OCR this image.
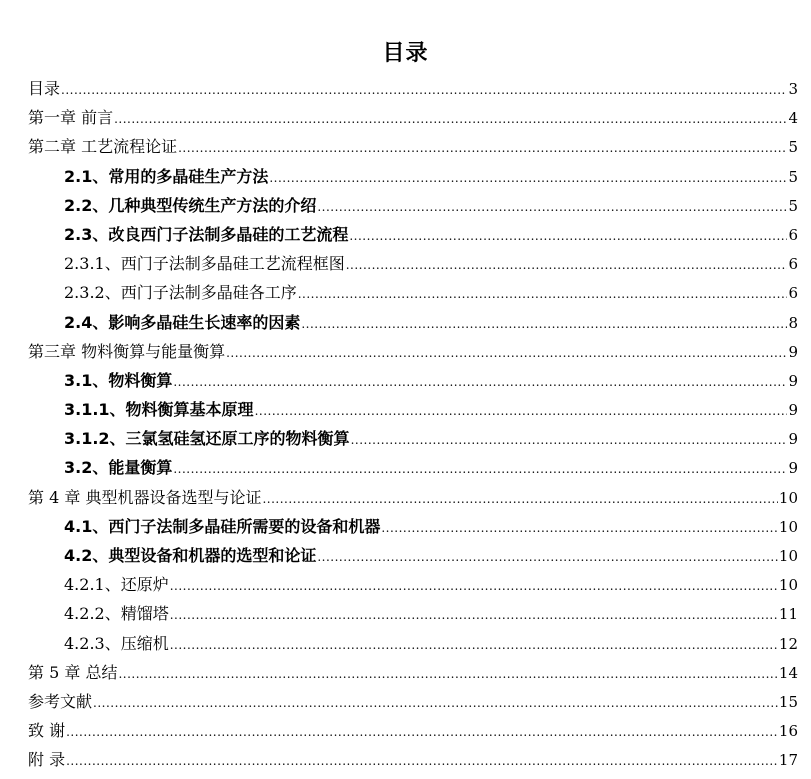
目录
目录 .....	3
第一章 前言 .....	4
第二章 工艺流程论证 .....	5
2.1、常用的多晶硅生产方法 .....	5
2.2、几种典型传统生产方法的介绍 .....	5
2.3、改良西门子法制多晶硅的工艺流程 .....	6
2.3.1、西门子法制多晶硅工艺流程框图 .....	6
2.3.2、西门子法制多晶硅各工序 .....	6
2.4、影响多晶硅生长速率的因素 .....	8
第三章 物料衡算与能量衡算 .....	9
3.1、物料衡算 .....	9
3.1.1、物料衡算基本原理 .....	9
3.1.2、三氯氢硅氢还原工序的物料衡算 .....	9
3.2、能量衡算 .....	9
第 4 章 典型机器设备选型与论证 .....	10
4.1、西门子法制多晶硅所需要的设备和机器 .....	10
4.2、典型设备和机器的选型和论证 .....	10
4.2.1、还原炉 .....	10
4.2.2、精馏塔 .....	11
4.2.3、压缩机 .....	12
第 5 章 总结 .....	14
参考文献 .....	15
致 谢 .....	16
附 录 .....	17
